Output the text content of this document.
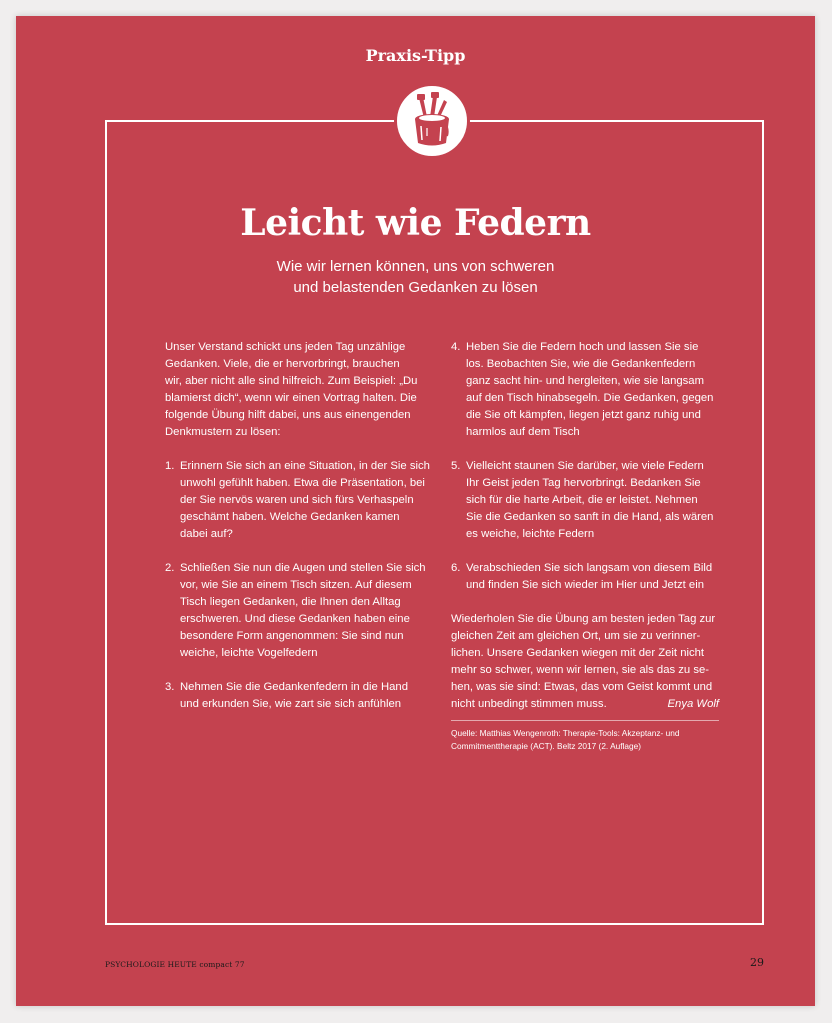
Praxis-Tipp
Leicht wie Federn
Wie wir lernen können, uns von schweren
und belastenden Gedanken zu lösen

Unser Verstand schickt uns jeden Tag unzählige
Gedanken. Viele, die er hervorbringt, brauchen
wir, aber nicht alle sind hilfreich. Zum Beispiel: „Du
blamierst dich“, wenn wir einen Vortrag halten. Die
folgende Übung hilft dabei, uns aus einengenden
Denkmustern zu lösen:

1. Erinnern Sie sich an eine Situation, in der Sie sich
unwohl gefühlt haben. Etwa die Präsentation, bei
der Sie nervös waren und sich fürs Verhaspeln
geschämt haben. Welche Gedanken kamen
dabei auf?
2. Schließen Sie nun die Augen und stellen Sie sich
vor, wie Sie an einem Tisch sitzen. Auf diesem
Tisch liegen Gedanken, die Ihnen den Alltag
erschweren. Und diese Gedanken haben eine
besondere Form angenommen: Sie sind nun
weiche, leichte Vogelfedern
3. Nehmen Sie die Gedankenfedern in die Hand
und erkunden Sie, wie zart sie sich anfühlen
4. Heben Sie die Federn hoch und lassen Sie sie
los. Beobachten Sie, wie die Gedankenfedern
ganz sacht hin- und hergleiten, wie sie langsam
auf den Tisch hinabsegeln. Die Gedanken, gegen
die Sie oft kämpfen, liegen jetzt ganz ruhig und
harmlos auf dem Tisch
5. Vielleicht staunen Sie darüber, wie viele Federn
Ihr Geist jeden Tag hervorbringt. Bedanken Sie
sich für die harte Arbeit, die er leistet. Nehmen
Sie die Gedanken so sanft in die Hand, als wären
es weiche, leichte Federn
6. Verabschieden Sie sich langsam von diesem Bild
und finden Sie sich wieder im Hier und Jetzt ein

Wiederholen Sie die Übung am besten jeden Tag zur
gleichen Zeit am gleichen Ort, um sie zu verinner-
lichen. Unsere Gedanken wiegen mit der Zeit nicht
mehr so schwer, wenn wir lernen, sie als das zu se-
hen, was sie sind: Etwas, das vom Geist kommt und
nicht unbedingt stimmen muss.	Enya Wolf

Quelle: Matthias Wengenroth: Therapie-Tools: Akzeptanz- und
Commitmenttherapie (ACT). Beltz 2017 (2. Auflage)
PSYCHOLOGIE HEUTE compact 77	29
